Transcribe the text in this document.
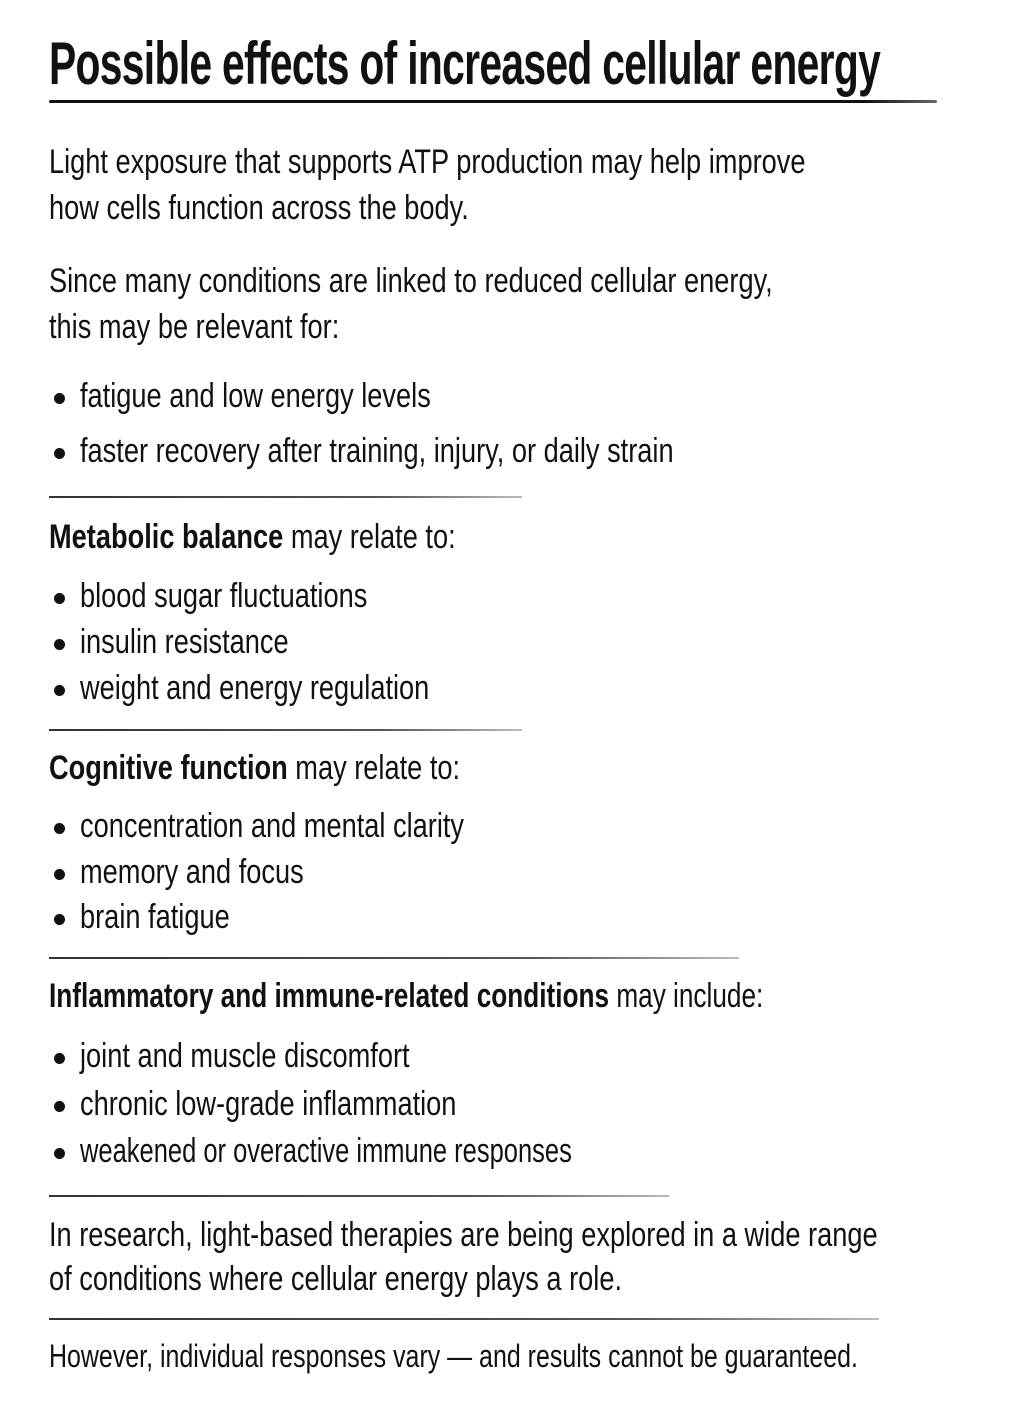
Possible effects of increased cellular energy
Light exposure that supports ATP production may help improve
how cells function across the body.
Since many conditions are linked to reduced cellular energy,
this may be relevant for:
fatigue and low energy levels
faster recovery after training, injury, or daily strain
Metabolic balance may relate to:
blood sugar fluctuations
insulin resistance
weight and energy regulation
Cognitive function may relate to:
concentration and mental clarity
memory and focus
brain fatigue
Inflammatory and immune-related conditions may include:
joint and muscle discomfort
chronic low-grade inflammation
weakened or overactive immune responses
In research, light-based therapies are being explored in a wide range
of conditions where cellular energy plays a role.
However, individual responses vary — and results cannot be guaranteed.
